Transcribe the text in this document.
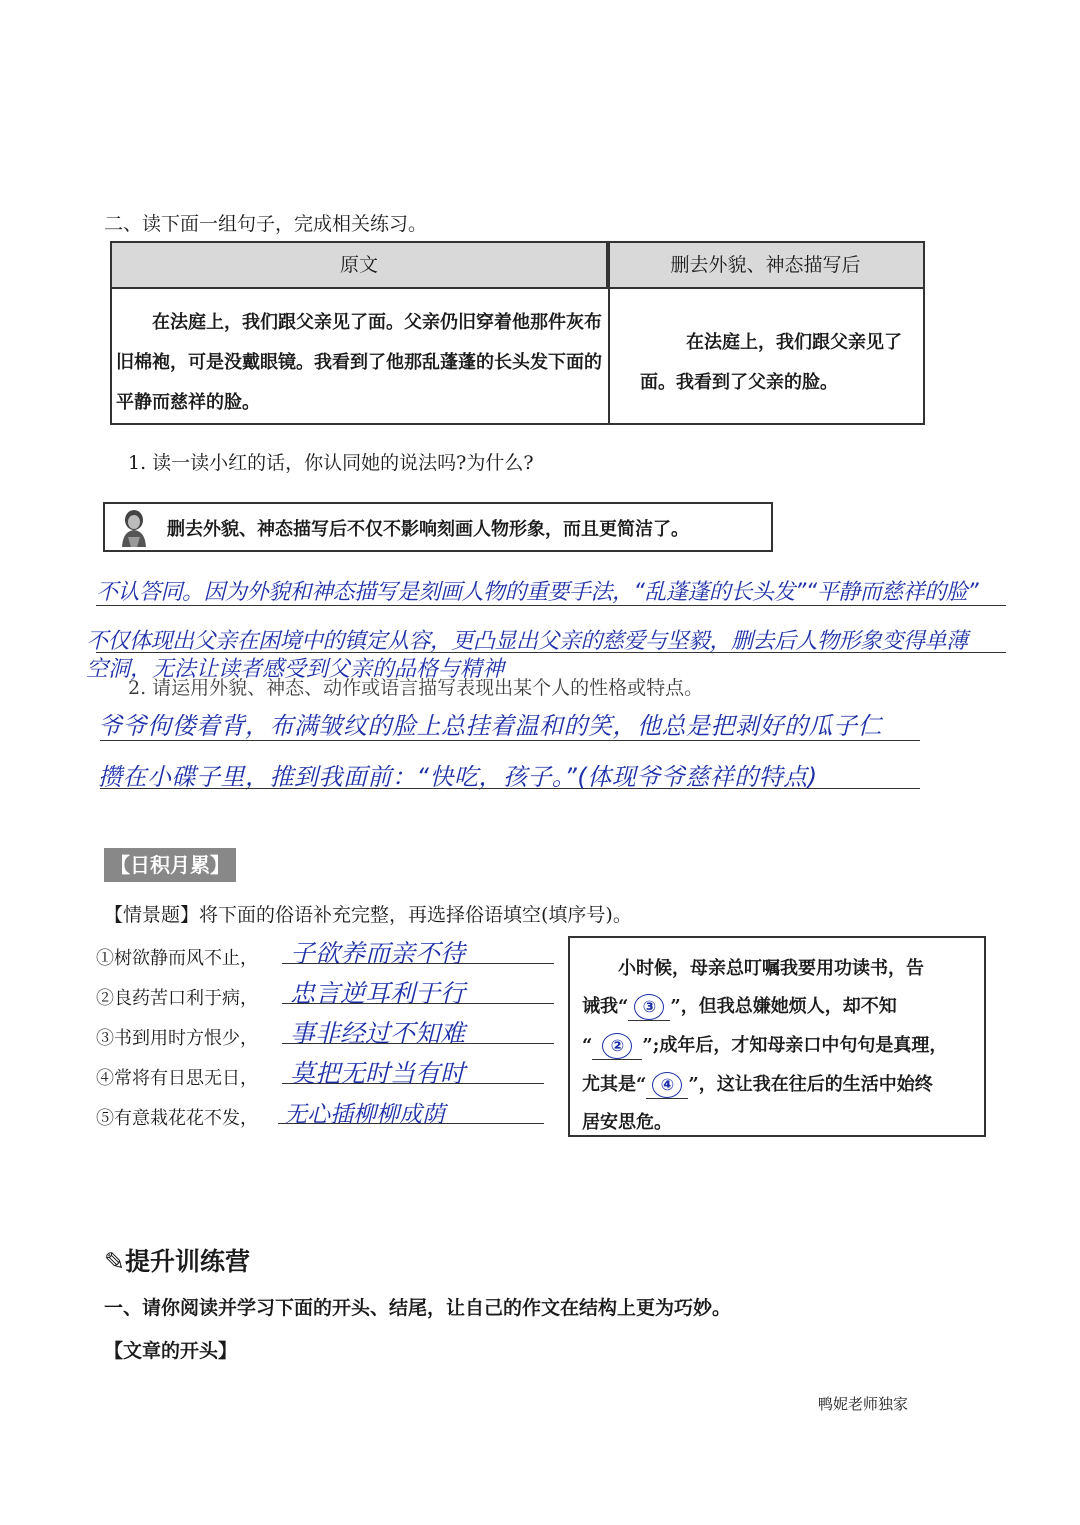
二、读下面一组句子，完成相关练习。
原文	删去外貌、神态描写后
在法庭上，我们跟父亲见了面。父亲仍旧穿着他那件灰布旧棉袍，可是没戴眼镜。我看到了他那乱蓬蓬的长头发下面的平静而慈祥的脸。
在法庭上，我们跟父亲见了面。我看到了父亲的脸。
1. 读一读小红的话，你认同她的说法吗?为什么?
删去外貌、神态描写后不仅不影响刻画人物形象，而且更简洁了。
不认答同。因为外貌和神态描写是刻画人物的重要手法，“乱蓬蓬的长头发”“平静而慈祥的脸”
不仅体现出父亲在困境中的镇定从容，更凸显出父亲的慈爱与坚毅，删去后人物形象变得单薄
空洞，无法让读者感受到父亲的品格与精神
2. 请运用外貌、神态、动作或语言描写表现出某个人的性格或特点。
爷爷佝偻着背，布满皱纹的脸上总挂着温和的笑，他总是把剥好的瓜子仁
攒在小碟子里，推到我面前：“快吃，孩子。”(体现爷爷慈祥的特点)
【日积月累】
【情景题】将下面的俗语补充完整，再选择俗语填空(填序号)。
①树欲静而风不止， 子欲养而亲不待
②良药苦口利于病， 忠言逆耳利于行
③书到用时方恨少， 事非经过不知难
④常将有日思无日， 莫把无时当有时
⑤有意栽花花不发， 无心插柳柳成荫
小时候，母亲总叮嘱我要用功读书，告
诫我“ ③ ”，但我总嫌她烦人，却不知
“ ② ”;成年后，才知母亲口中句句是真理，
尤其是“ ④ ”，这让我在往后的生活中始终
居安思危。
✎提升训练营
一、请你阅读并学习下面的开头、结尾，让自己的作文在结构上更为巧妙。
【文章的开头】
鸭妮老师独家
